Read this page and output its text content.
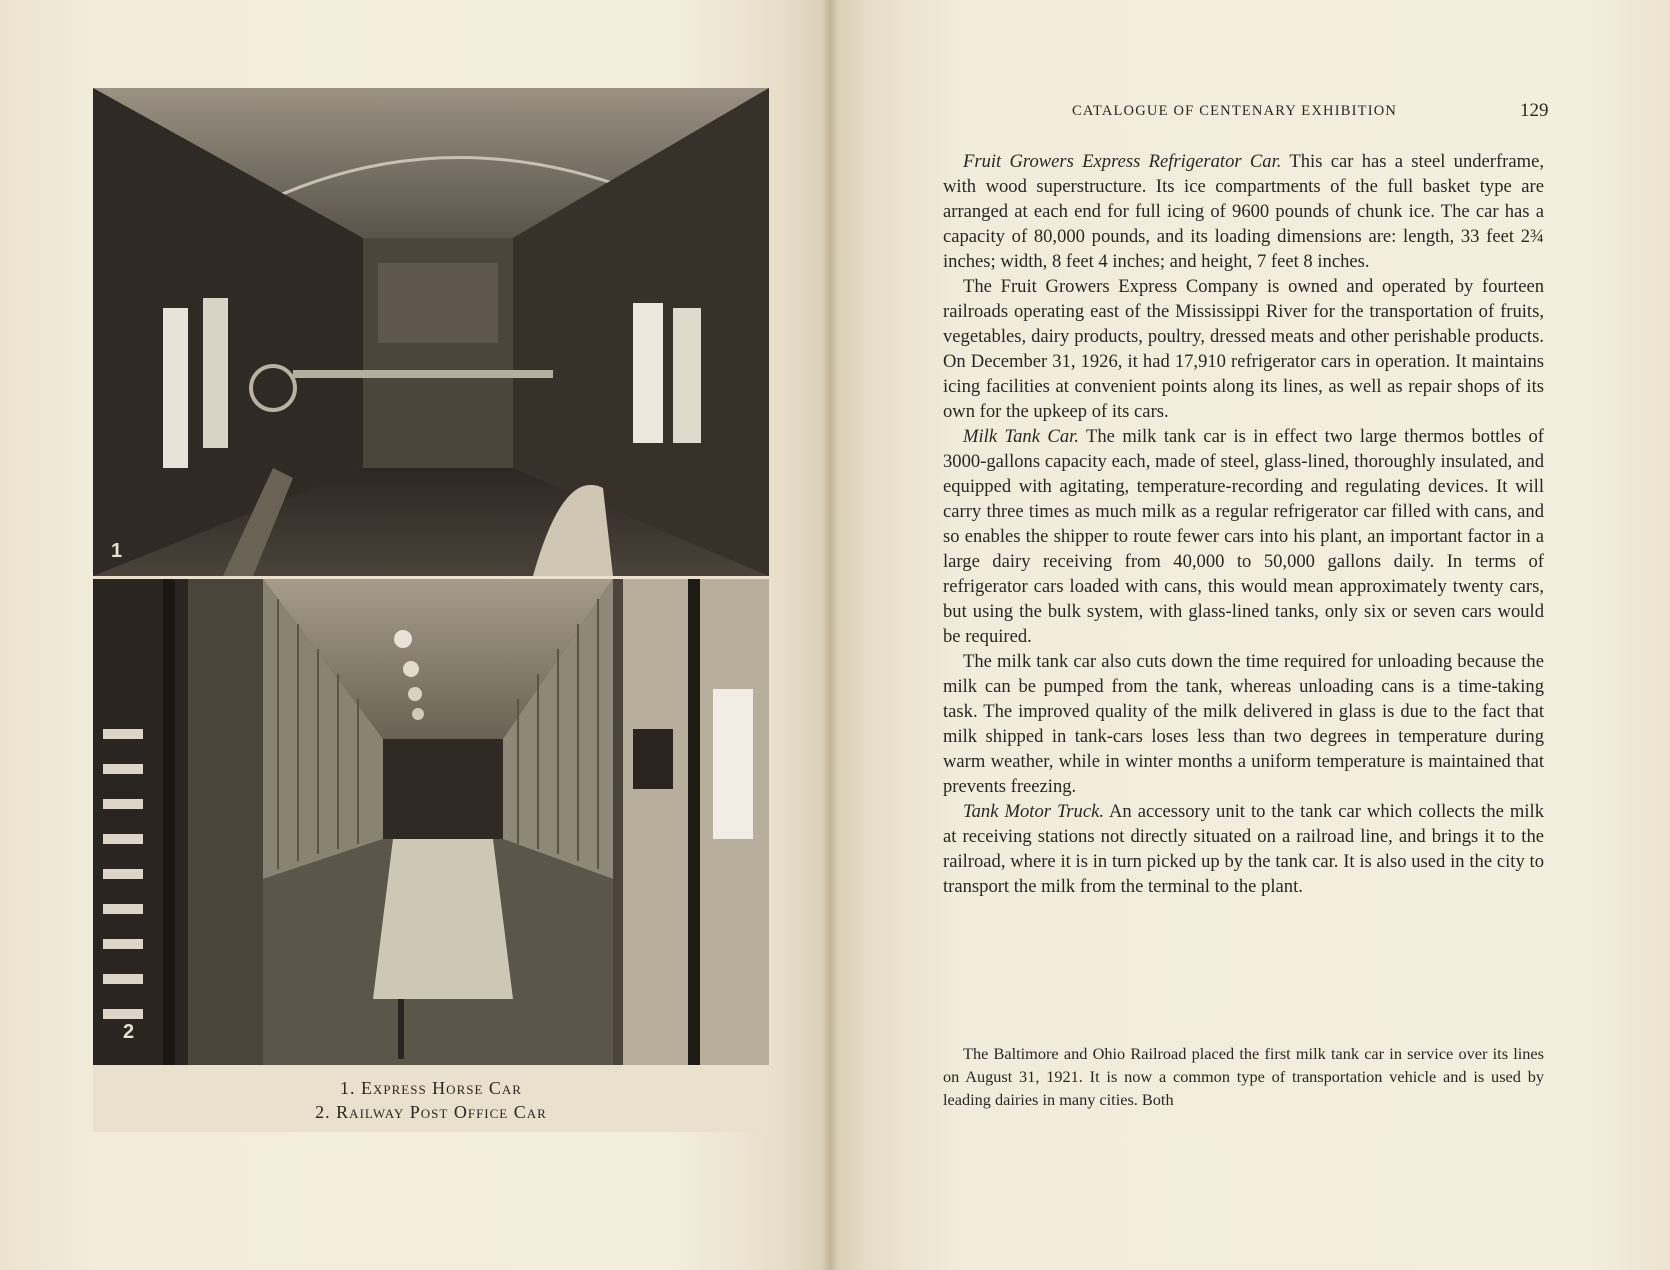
1
2
1. Express Horse Car
2. Railway Post Office Car
CATALOGUE OF CENTENARY EXHIBITION	129

Fruit Growers Express Refrigerator Car. This car has a steel underframe, with wood superstructure. Its ice compartments of the full basket type are arranged at each end for full icing of 9600 pounds of chunk ice. The car has a capacity of 80,000 pounds, and its loading dimensions are: length, 33 feet 2¾ inches; width, 8 feet 4 inches; and height, 7 feet 8 inches.

The Fruit Growers Express Company is owned and operated by fourteen railroads operating east of the Mississippi River for the transportation of fruits, vegetables, dairy products, poultry, dressed meats and other perishable products. On December 31, 1926, it had 17,910 refrigerator cars in operation. It maintains icing facilities at convenient points along its lines, as well as repair shops of its own for the upkeep of its cars.

Milk Tank Car. The milk tank car is in effect two large thermos bottles of 3000-gallons capacity each, made of steel, glass-lined, thoroughly insulated, and equipped with agitating, temperature-recording and regulating devices. It will carry three times as much milk as a regular refrigerator car filled with cans, and so enables the shipper to route fewer cars into his plant, an important factor in a large dairy receiving from 40,000 to 50,000 gallons daily. In terms of refrigerator cars loaded with cans, this would mean approximately twenty cars, but using the bulk system, with glass-lined tanks, only six or seven cars would be required.

The milk tank car also cuts down the time required for unloading because the milk can be pumped from the tank, whereas unloading cans is a time-taking task. The improved quality of the milk delivered in glass is due to the fact that milk shipped in tank-cars loses less than two degrees in temperature during warm weather, while in winter months a uniform temperature is maintained that prevents freezing.

Tank Motor Truck. An accessory unit to the tank car which collects the milk at receiving stations not directly situated on a railroad line, and brings it to the railroad, where it is in turn picked up by the tank car. It is also used in the city to transport the milk from the terminal to the plant.

The Baltimore and Ohio Railroad placed the first milk tank car in service over its lines on August 31, 1921. It is now a common type of transportation vehicle and is used by leading dairies in many cities. Both
